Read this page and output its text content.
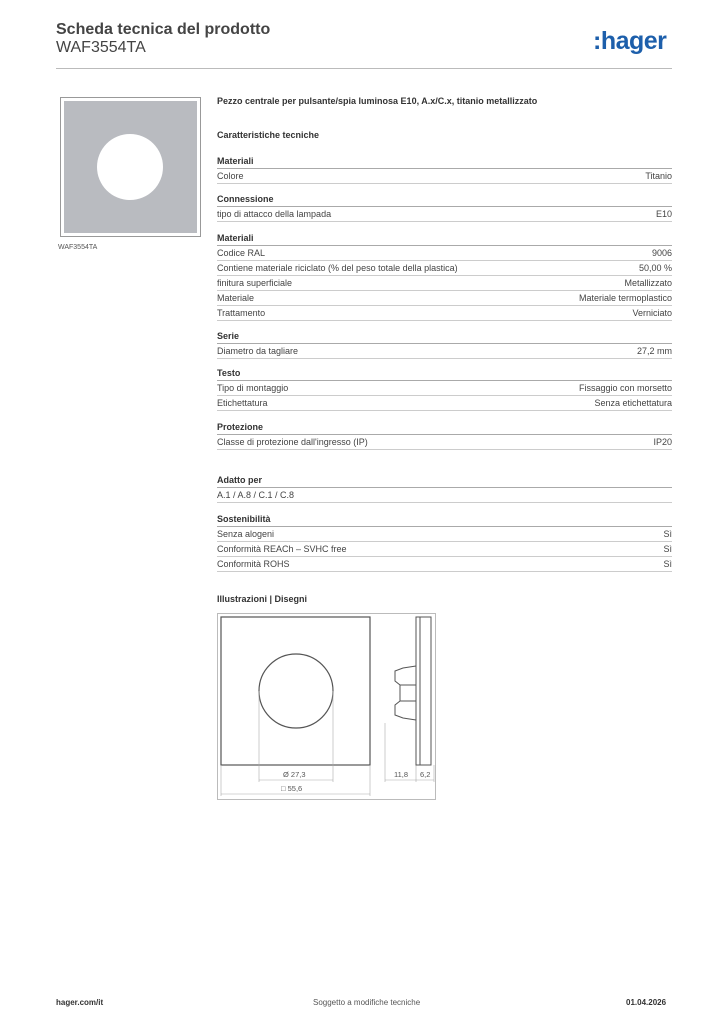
Scheda tecnica del prodotto
WAF3554TA	:hager
WAF3554TA
Pezzo centrale per pulsante/spia luminosa E10, A.x/C.x, titanio metallizzato
Caratteristiche tecniche
Materiali
Colore	Titanio
Connessione
tipo di attacco della lampada	E10
Materiali
Codice RAL	9006
Contiene materiale riciclato (% del peso totale della plastica)	50,00 %
finitura superficiale	Metallizzato
Materiale	Materiale termoplastico
Trattamento	Verniciato
Serie
Diametro da tagliare	27,2 mm
Testo
Tipo di montaggio	Fissaggio con morsetto
Etichettatura	Senza etichettatura
Protezione
Classe di protezione dall'ingresso (IP)	IP20
Adatto per
A.1 / A.8 / C.1 / C.8
Sostenibilità
Senza alogeni	Sì
Conformità REACh – SVHC free	Sì
Conformità ROHS	Sì
Illustrazioni | Disegni
Ø 27,3
□ 55,6
11,8 6,2
hager.com/it	Soggetto a modifiche tecniche	01.04.2026
